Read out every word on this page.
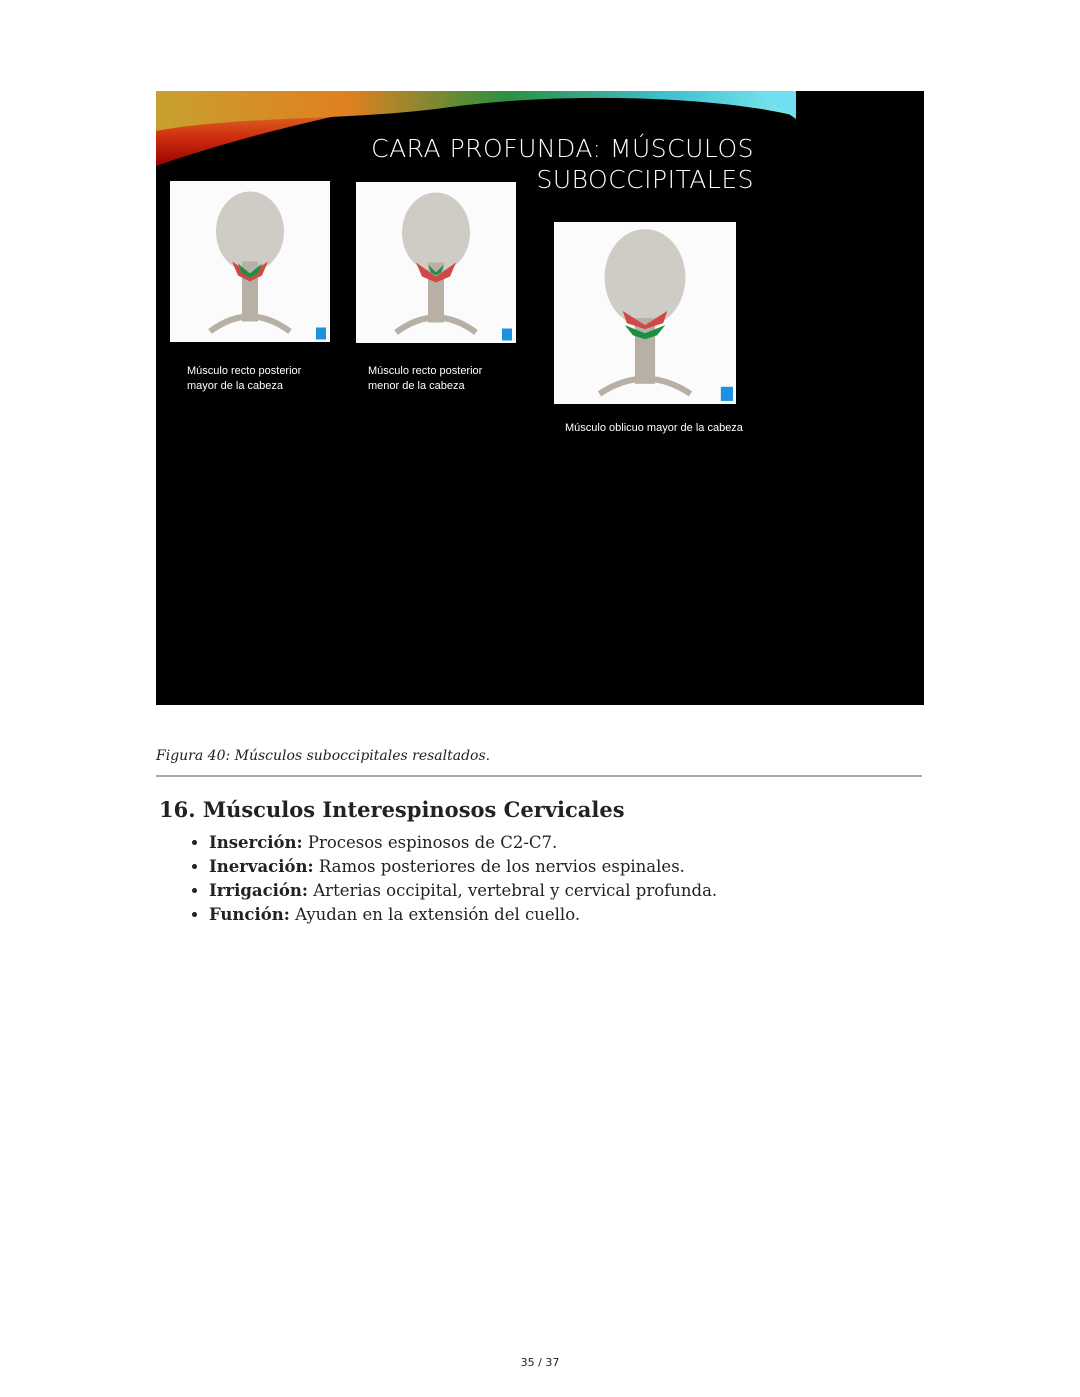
CARA PROFUNDA: MÚSCULOS
SUBOCCIPITALES
Músculo recto posterior mayor de la cabeza
Músculo recto posterior menor de la cabeza
Músculo oblicuo mayor de la cabeza
Figura 40: Músculos suboccipitales resaltados.
16. Músculos Interespinosos Cervicales
• Inserción: Procesos espinosos de C2-C7.
• Inervación: Ramos posteriores de los nervios espinales.
• Irrigación: Arterias occipital, vertebral y cervical profunda.
• Función: Ayudan en la extensión del cuello.
35 / 37
